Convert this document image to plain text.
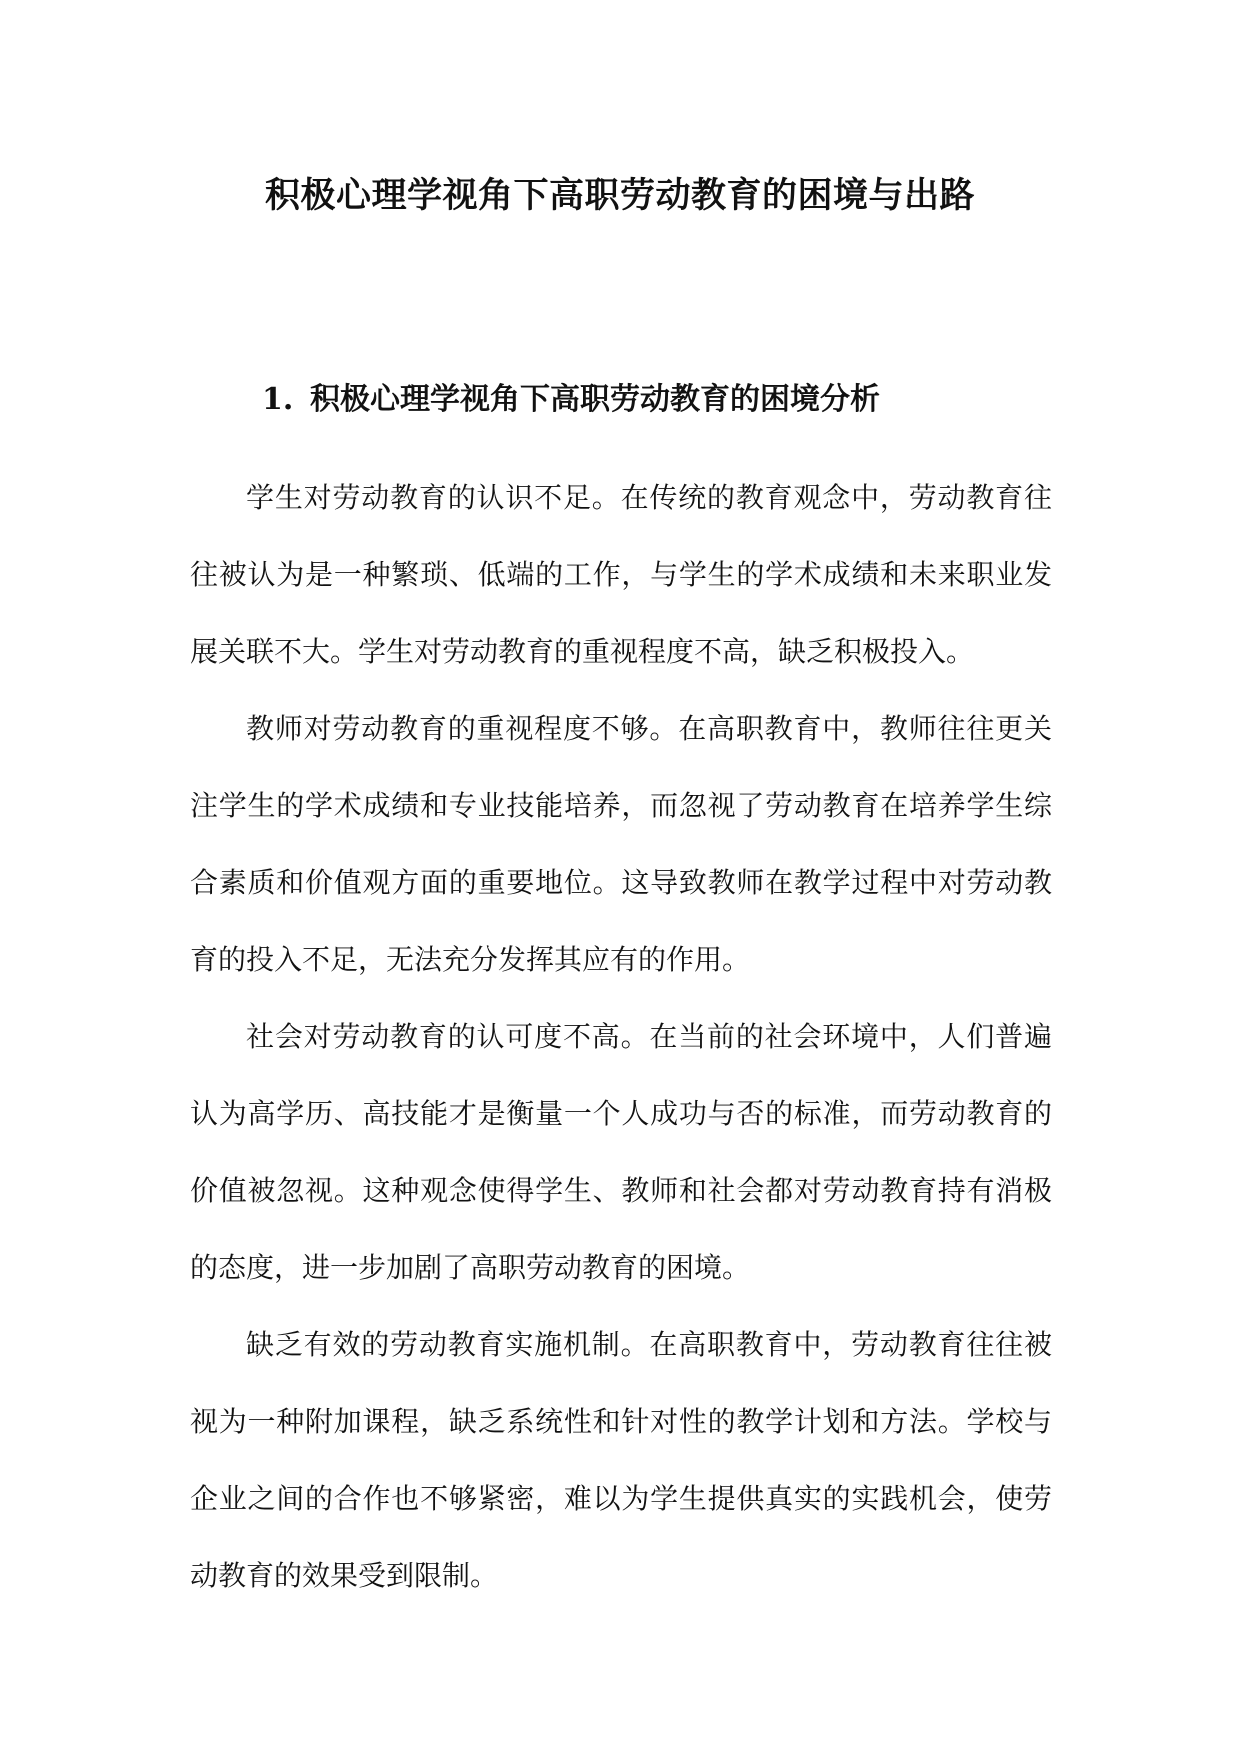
积极心理学视角下高职劳动教育的困境与出路
1. 积极心理学视角下高职劳动教育的困境分析

学生对劳动教育的认识不足。在传统的教育观念中，劳动教育往往被认为是一种繁琐、低端的工作，与学生的学术成绩和未来职业发展关联不大。学生对劳动教育的重视程度不高，缺乏积极投入。

教师对劳动教育的重视程度不够。在高职教育中，教师往往更关注学生的学术成绩和专业技能培养，而忽视了劳动教育在培养学生综合素质和价值观方面的重要地位。这导致教师在教学过程中对劳动教育的投入不足，无法充分发挥其应有的作用。

社会对劳动教育的认可度不高。在当前的社会环境中，人们普遍认为高学历、高技能才是衡量一个人成功与否的标准，而劳动教育的价值被忽视。这种观念使得学生、教师和社会都对劳动教育持有消极的态度，进一步加剧了高职劳动教育的困境。

缺乏有效的劳动教育实施机制。在高职教育中，劳动教育往往被视为一种附加课程，缺乏系统性和针对性的教学计划和方法。学校与企业之间的合作也不够紧密，难以为学生提供真实的实践机会，使劳动教育的效果受到限制。
